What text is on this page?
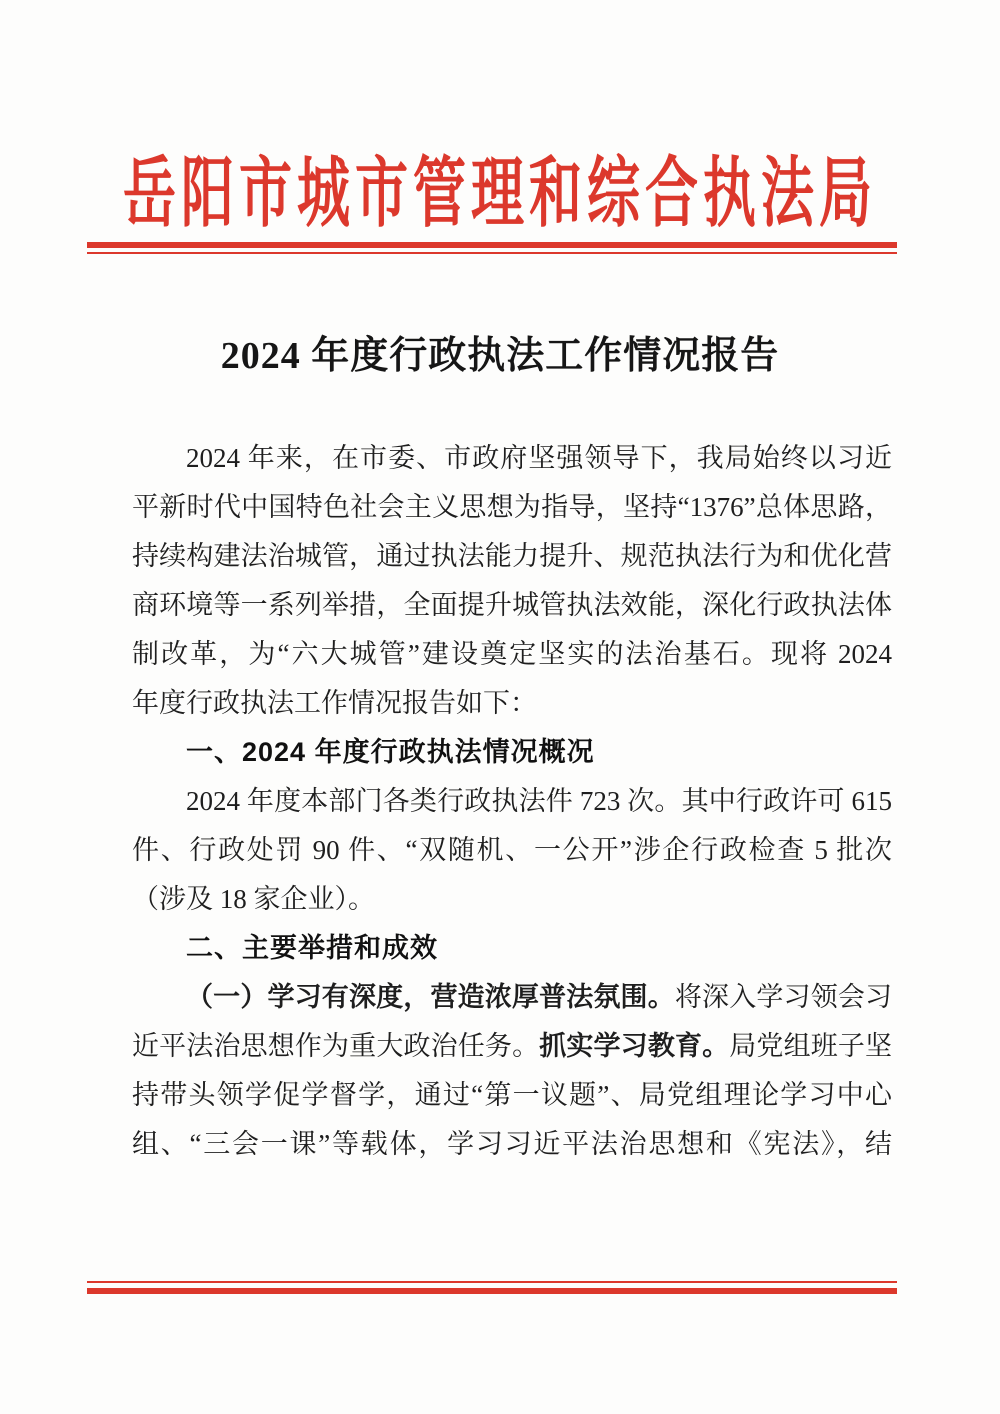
岳阳市城市管理和综合执法局
2024 年度行政执法工作情况报告
2024 年来，在市委、市政府坚强领导下，我局始终以习近
平新时代中国特色社会主义思想为指导，坚持“1376”总体思路，
持续构建法治城管，通过执法能力提升、规范执法行为和优化营
商环境等一系列举措，全面提升城管执法效能，深化行政执法体
制改革，为“六大城管”建设奠定坚实的法治基石。现将 2024
年度行政执法工作情况报告如下：
一、2024 年度行政执法情况概况
2024 年度本部门各类行政执法件 723 次。其中行政许可 615
件、行政处罚 90 件、“双随机、一公开”涉企行政检查 5 批次
（涉及 18 家企业）。
二、主要举措和成效
（一）学习有深度，营造浓厚普法氛围。将深入学习领会习
近平法治思想作为重大政治任务。抓实学习教育。局党组班子坚
持带头领学促学督学，通过“第一议题”、局党组理论学习中心
组、“三会一课”等载体，学习习近平法治思想和《宪法》，结
